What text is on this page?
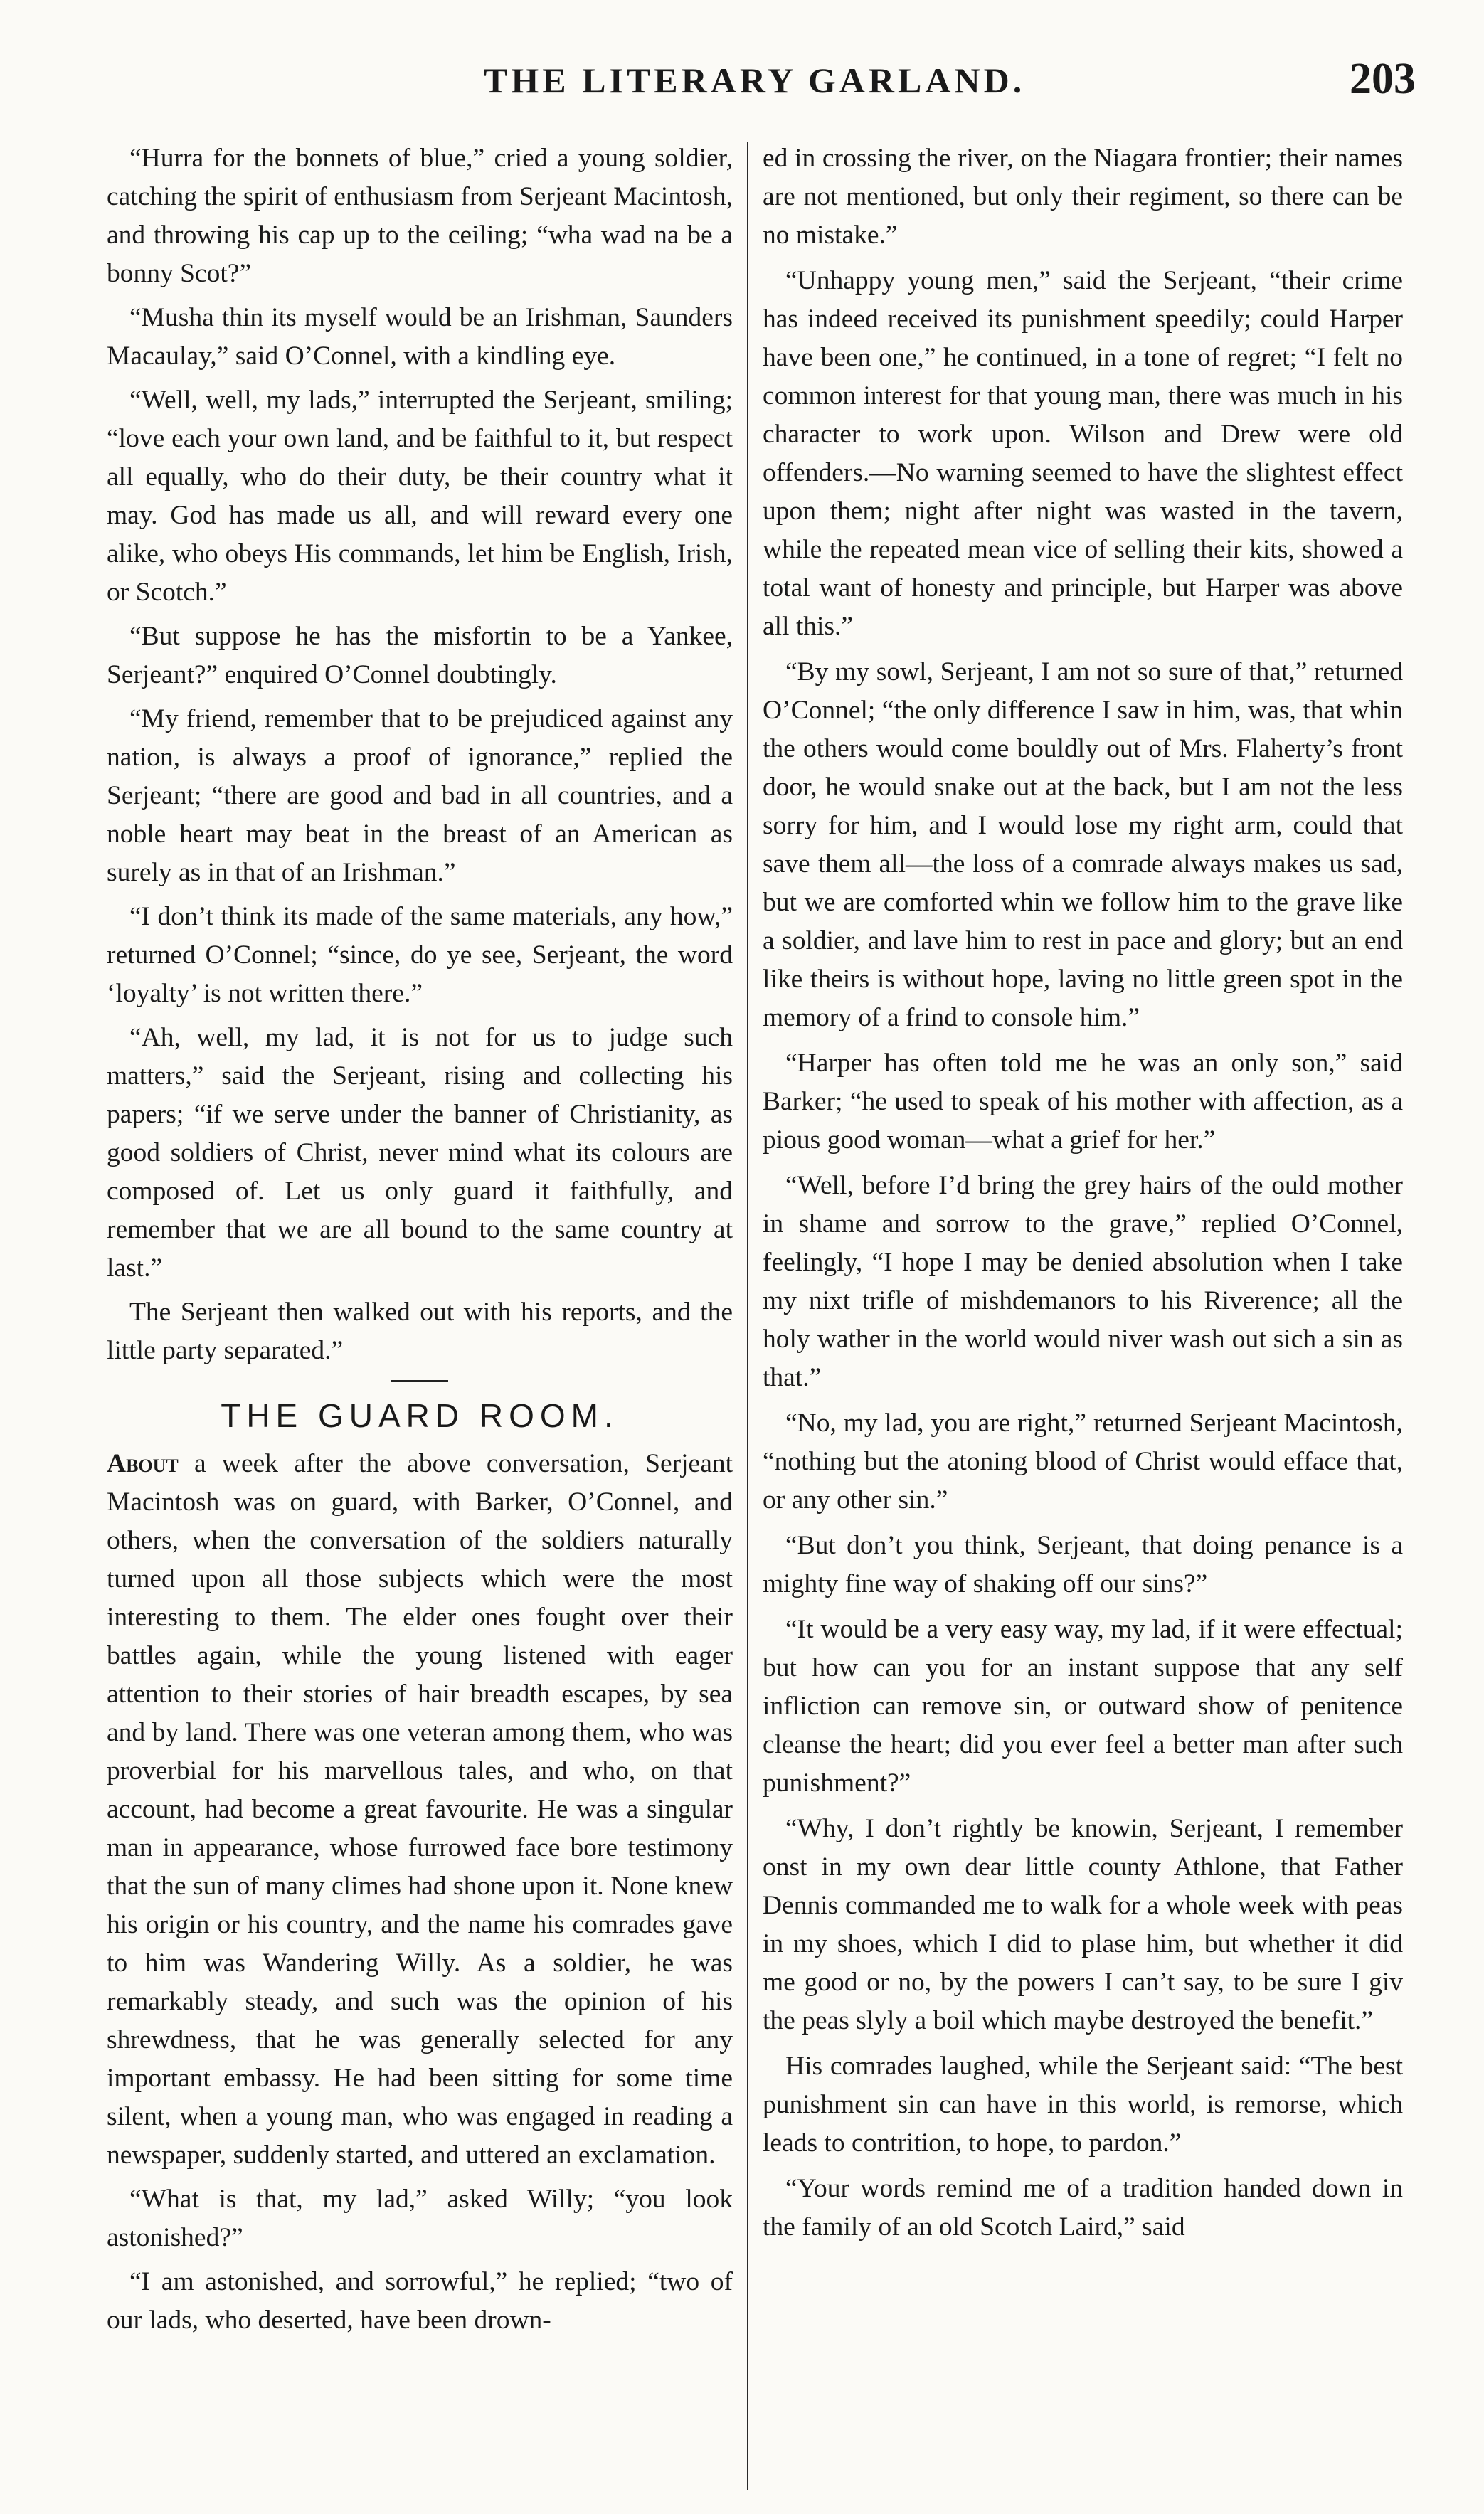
THE LITERARY GARLAND.	203

“Hurra for the bonnets of blue,” cried a young soldier, catching the spirit of enthusiasm from Serjeant Macintosh, and throwing his cap up to the ceiling; “wha wad na be a bonny Scot?”

“Musha thin its myself would be an Irishman, Saunders Macaulay,” said O’Connel, with a kindling eye.

“Well, well, my lads,” interrupted the Serjeant, smiling; “love each your own land, and be faithful to it, but respect all equally, who do their duty, be their country what it may. God has made us all, and will reward every one alike, who obeys His commands, let him be English, Irish, or Scotch.”

“But suppose he has the misfortin to be a Yankee, Serjeant?” enquired O’Connel doubtingly.

“My friend, remember that to be prejudiced against any nation, is always a proof of ignorance,” replied the Serjeant; “there are good and bad in all countries, and a noble heart may beat in the breast of an American as surely as in that of an Irishman.”

“I don’t think its made of the same materials, any how,” returned O’Connel; “since, do ye see, Serjeant, the word ‘loyalty’ is not written there.”

“Ah, well, my lad, it is not for us to judge such matters,” said the Serjeant, rising and collecting his papers; “if we serve under the banner of Christianity, as good soldiers of Christ, never mind what its colours are composed of. Let us only guard it faithfully, and remember that we are all bound to the same country at last.”

The Serjeant then walked out with his reports, and the little party separated.”

THE GUARD ROOM.

About a week after the above conversation, Serjeant Macintosh was on guard, with Barker, O’Connel, and others, when the conversation of the soldiers naturally turned upon all those subjects which were the most interesting to them. The elder ones fought over their battles again, while the young listened with eager attention to their stories of hair breadth escapes, by sea and by land. There was one veteran among them, who was proverbial for his marvellous tales, and who, on that account, had become a great favourite. He was a singular man in appearance, whose furrowed face bore testimony that the sun of many climes had shone upon it. None knew his origin or his country, and the name his comrades gave to him was Wandering Willy. As a soldier, he was remarkably steady, and such was the opinion of his shrewdness, that he was generally selected for any important embassy. He had been sitting for some time silent, when a young man, who was engaged in reading a newspaper, suddenly started, and uttered an exclamation.

“What is that, my lad,” asked Willy; “you look astonished?”

“I am astonished, and sorrowful,” he replied; “two of our lads, who deserted, have been drown-

ed in crossing the river, on the Niagara frontier; their names are not mentioned, but only their regiment, so there can be no mistake.”

“Unhappy young men,” said the Serjeant, “their crime has indeed received its punishment speedily; could Harper have been one,” he continued, in a tone of regret; “I felt no common interest for that young man, there was much in his character to work upon. Wilson and Drew were old offenders.—No warning seemed to have the slightest effect upon them; night after night was wasted in the tavern, while the repeated mean vice of selling their kits, showed a total want of honesty and principle, but Harper was above all this.”

“By my sowl, Serjeant, I am not so sure of that,” returned O’Connel; “the only difference I saw in him, was, that whin the others would come bouldly out of Mrs. Flaherty’s front door, he would snake out at the back, but I am not the less sorry for him, and I would lose my right arm, could that save them all—the loss of a comrade always makes us sad, but we are comforted whin we follow him to the grave like a soldier, and lave him to rest in pace and glory; but an end like theirs is without hope, laving no little green spot in the memory of a frind to console him.”

“Harper has often told me he was an only son,” said Barker; “he used to speak of his mother with affection, as a pious good woman—what a grief for her.”

“Well, before I’d bring the grey hairs of the ould mother in shame and sorrow to the grave,” replied O’Connel, feelingly, “I hope I may be denied absolution when I take my nixt trifle of mishdemanors to his Riverence; all the holy wather in the world would niver wash out sich a sin as that.”

“No, my lad, you are right,” returned Serjeant Macintosh, “nothing but the atoning blood of Christ would efface that, or any other sin.”

“But don’t you think, Serjeant, that doing penance is a mighty fine way of shaking off our sins?”

“It would be a very easy way, my lad, if it were effectual; but how can you for an instant suppose that any self infliction can remove sin, or outward show of penitence cleanse the heart; did you ever feel a better man after such punishment?”

“Why, I don’t rightly be knowin, Serjeant, I remember onst in my own dear little county Athlone, that Father Dennis commanded me to walk for a whole week with peas in my shoes, which I did to plase him, but whether it did me good or no, by the powers I can’t say, to be sure I giv the peas slyly a boil which maybe destroyed the benefit.”

His comrades laughed, while the Serjeant said: “The best punishment sin can have in this world, is remorse, which leads to contrition, to hope, to pardon.”

“Your words remind me of a tradition handed down in the family of an old Scotch Laird,” said
